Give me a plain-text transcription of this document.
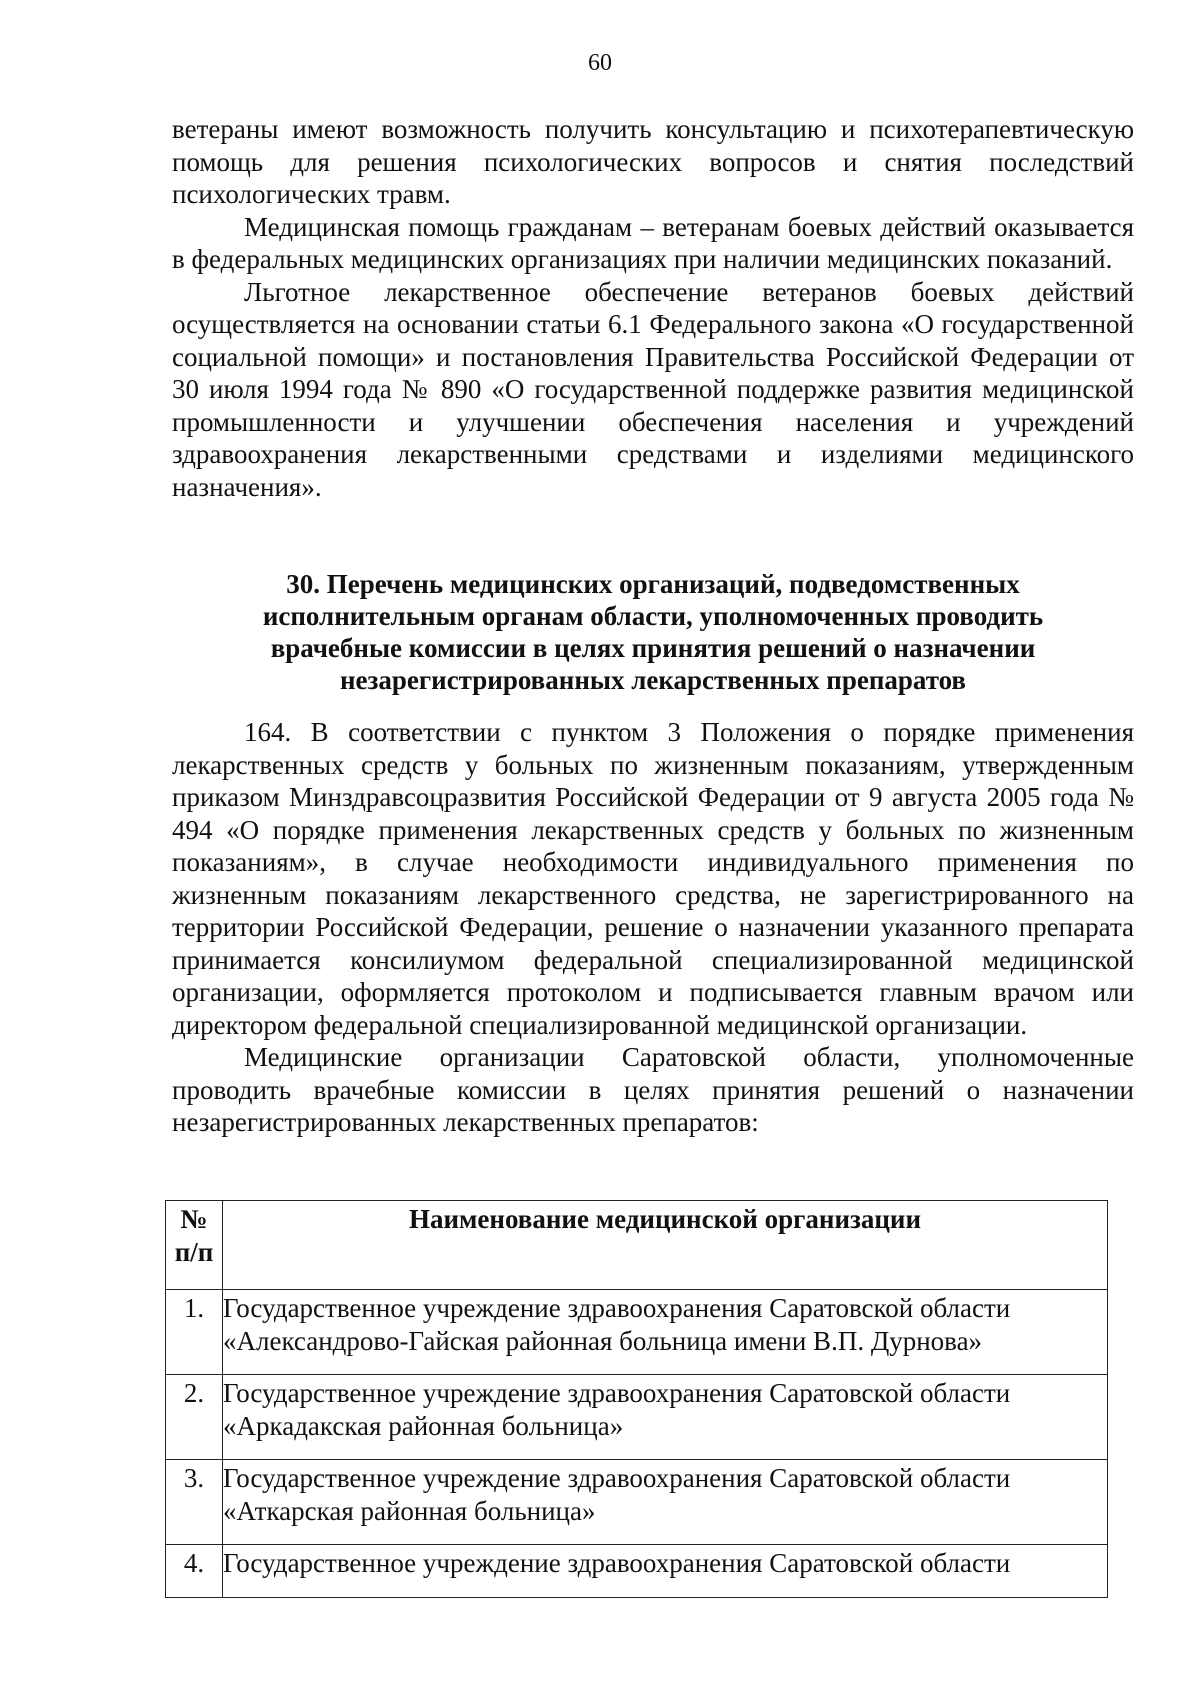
60

ветераны имеют возможность получить консультацию и психотерапевтическую помощь для решения психологических вопросов и снятия последствий психологических травм.

Медицинская помощь гражданам – ветеранам боевых действий оказывается в федеральных медицинских организациях при наличии медицинских показаний.

Льготное лекарственное обеспечение ветеранов боевых действий осуществляется на основании статьи 6.1 Федерального закона «О государственной социальной помощи» и постановления Правительства Российской Федерации от 30 июля 1994 года № 890 «О государственной поддержке развития медицинской промышленности и улучшении обеспечения населения и учреждений здравоохранения лекарственными средствами и изделиями медицинского назначения».

30. Перечень медицинских организаций, подведомственных
исполнительным органам области, уполномоченных проводить
врачебные комиссии в целях принятия решений о назначении
незарегистрированных лекарственных препаратов

164. В соответствии с пунктом 3 Положения о порядке применения лекарственных средств у больных по жизненным показаниям, утвержденным приказом Минздравсоцразвития Российской Федерации от 9 августа 2005 года № 494 «О порядке применения лекарственных средств у больных по жизненным показаниям», в случае необходимости индивидуального применения по жизненным показаниям лекарственного средства, не зарегистрированного на территории Российской Федерации, решение о назначении указанного препарата принимается консилиумом федеральной специализированной медицинской организации, оформляется протоколом и подписывается главным врачом или директором федеральной специализированной медицинской организации.

Медицинские организации Саратовской области, уполномоченные проводить врачебные комиссии в целях принятия решений о назначении незарегистрированных лекарственных препаратов:

№
п/п	Наименование медицинской организации
1.	Государственное учреждение здравоохранения Саратовской области
«Александрово-Гайская районная больница имени В.П. Дурнова»

2.	Государственное учреждение здравоохранения Саратовской области
«Аркадакская районная больница»

3.	Государственное учреждение здравоохранения Саратовской области
«Аткарская районная больница»

4.	Государственное учреждение здравоохранения Саратовской области
